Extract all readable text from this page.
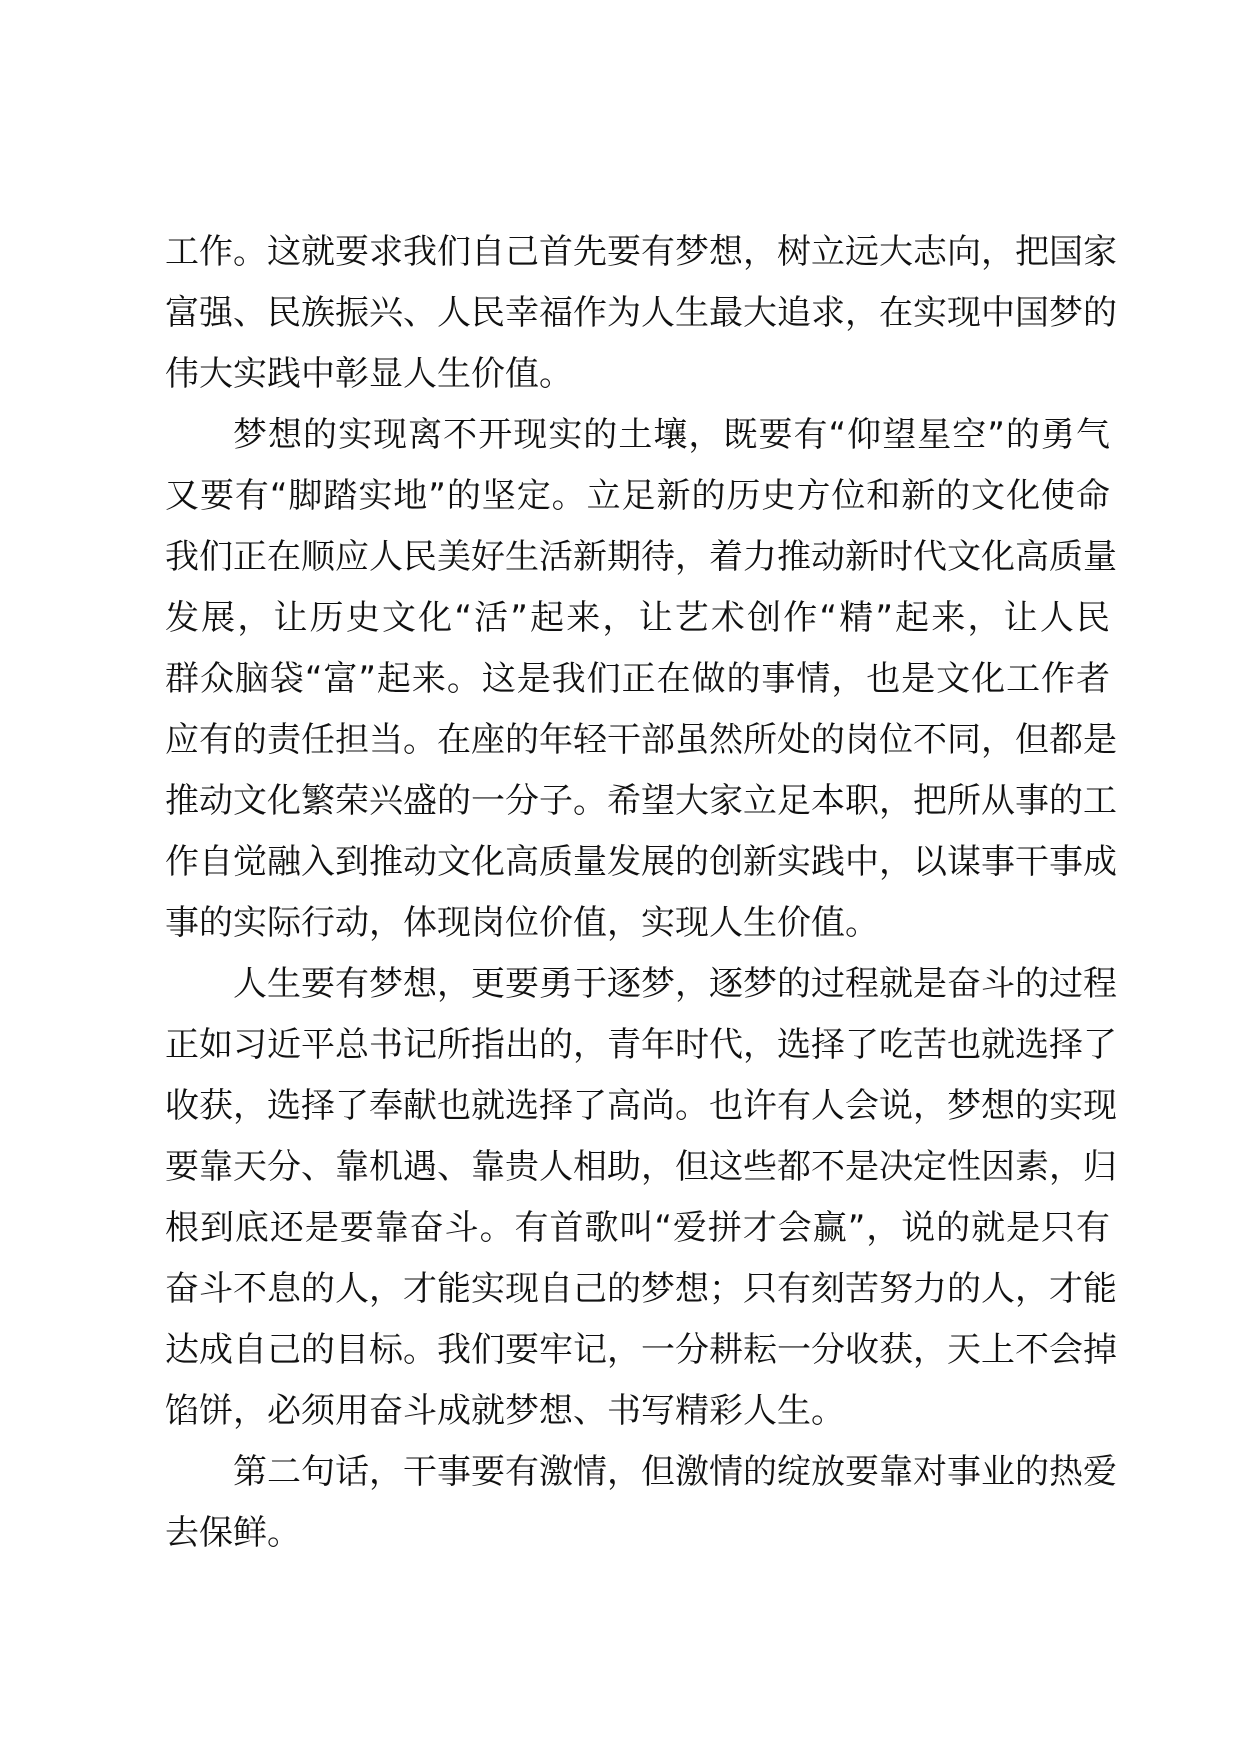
工作。这就要求我们自己首先要有梦想，树立远大志向，把国家
富强、民族振兴、人民幸福作为人生最大追求，在实现中国梦的
伟大实践中彰显人生价值。
梦想的实现离不开现实的土壤，既要有“仰望星空”的勇气
又要有“脚踏实地”的坚定。立足新的历史方位和新的文化使命
我们正在顺应人民美好生活新期待，着力推动新时代文化高质量
发展，让历史文化“活”起来，让艺术创作“精”起来，让人民
群众脑袋“富”起来。这是我们正在做的事情，也是文化工作者
应有的责任担当。在座的年轻干部虽然所处的岗位不同，但都是
推动文化繁荣兴盛的一分子。希望大家立足本职，把所从事的工
作自觉融入到推动文化高质量发展的创新实践中，以谋事干事成
事的实际行动，体现岗位价值，实现人生价值。
人生要有梦想，更要勇于逐梦，逐梦的过程就是奋斗的过程
正如习近平总书记所指出的，青年时代，选择了吃苦也就选择了
收获，选择了奉献也就选择了高尚。也许有人会说，梦想的实现
要靠天分、靠机遇、靠贵人相助，但这些都不是决定性因素，归
根到底还是要靠奋斗。有首歌叫“爱拼才会赢”，说的就是只有
奋斗不息的人，才能实现自己的梦想；只有刻苦努力的人，才能
达成自己的目标。我们要牢记，一分耕耘一分收获，天上不会掉
馅饼，必须用奋斗成就梦想、书写精彩人生。
第二句话，干事要有激情，但激情的绽放要靠对事业的热爱
去保鲜。
